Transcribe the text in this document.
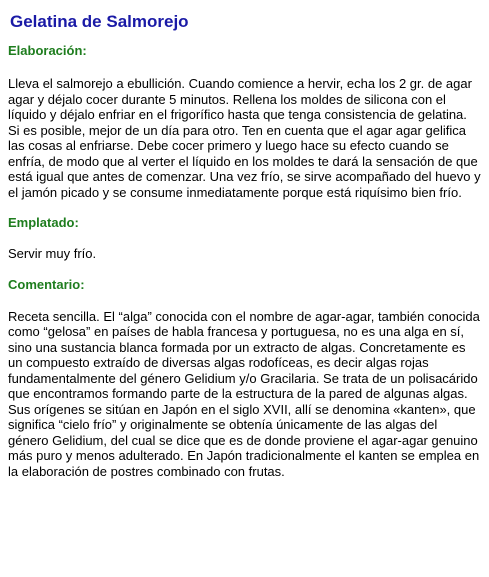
Gelatina de Salmorejo
Elaboración:

Lleva el salmorejo a ebullición. Cuando comience a hervir, echa los 2 gr. de agar agar y déjalo cocer durante 5 minutos. Rellena los moldes de silicona con el líquido y déjalo enfriar en el frigorífico hasta que tenga consistencia de gelatina. Si es posible, mejor de un día para otro. Ten en cuenta que el agar agar gelifica las cosas al enfriarse. Debe cocer primero y luego hace su efecto cuando se enfría, de modo que al verter el líquido en los moldes te dará la sensación de que está igual que antes de comenzar. Una vez frío, se sirve acompañado del huevo y el jamón picado y se consume inmediatamente porque está riquísimo bien frío.

Emplatado:

Servir muy frío.

Comentario:

Receta sencilla. El “alga” conocida con el nombre de agar-agar, también conocida como “gelosa” en países de habla francesa y portuguesa, no es una alga en sí, sino una sustancia blanca formada por un extracto de algas. Concretamente es un compuesto extraído de diversas algas rodofíceas, es decir algas rojas fundamentalmente del género Gelidium y/o Gracilaria. Se trata de un polisacárido que encontramos formando parte de la estructura de la pared de algunas algas. Sus orígenes se sitúan en Japón en el siglo XVII, allí se denomina «kanten», que significa “cielo frío” y originalmente se obtenía únicamente de las algas del género Gelidium, del cual se dice que es de donde proviene el agar-agar genuino más puro y menos adulterado. En Japón tradicionalmente el kanten se emplea en la elaboración de postres combinado con frutas.
